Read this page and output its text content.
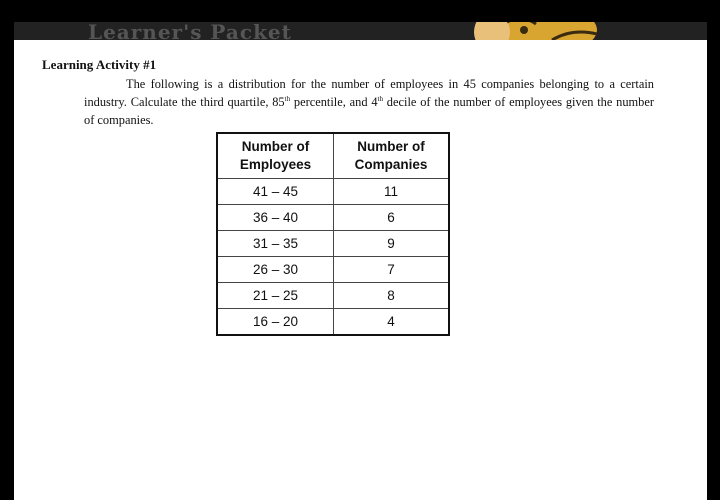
Learner's Packet
Learning Activity #1

The following is a distribution for the number of employees in 45 companies belonging to a certain industry. Calculate the third quartile, 85th percentile, and 4th decile of the number of employees given the number of companies.

Number of Employees	Number of Companies
41 – 45	11
36 – 40	6
31 – 35	9
26 – 30	7
21 – 25	8
16 – 20	4
